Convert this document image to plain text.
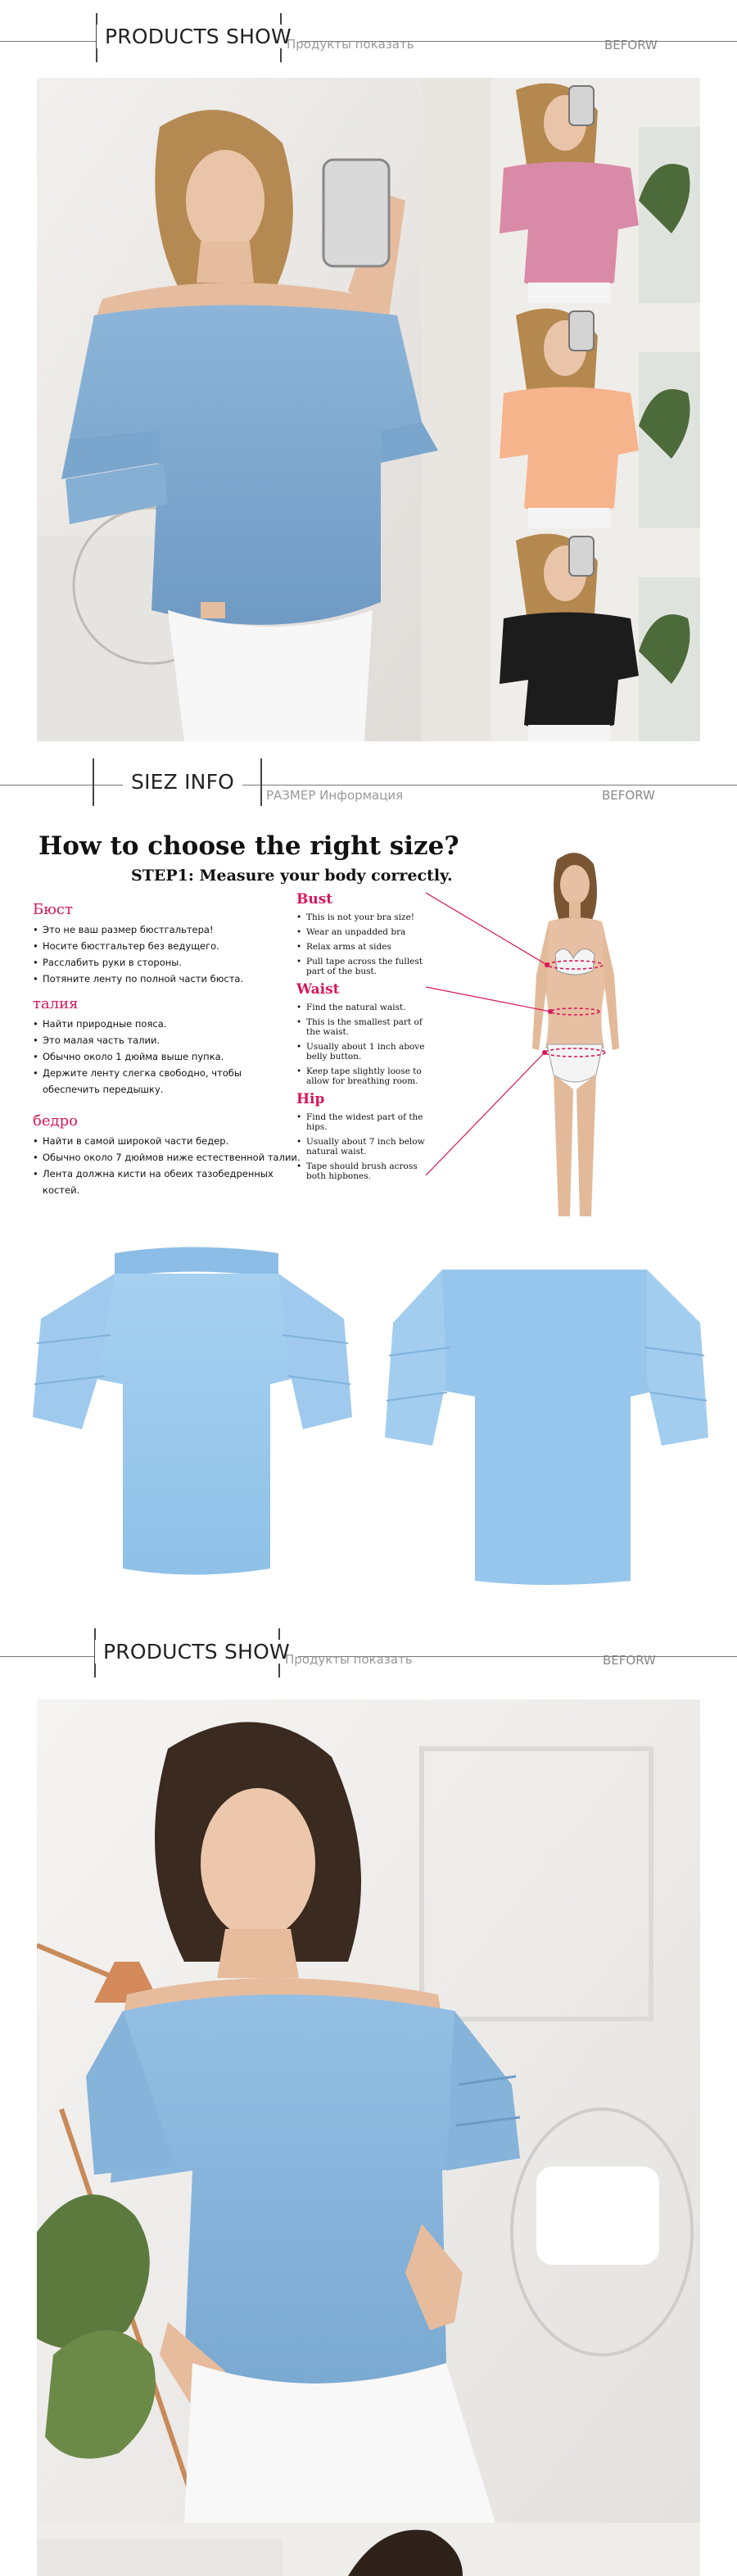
PRODUCTS SHOW
Продукты показать	BEFORW
SIEZ INFO
РАЗМЕР Информация	BEFORW
How to choose the right size?
STEP1: Measure your body correctly.
Бюст
• Это не ваш размер бюстгальтера!
• Носите бюстгальтер без ведущего.
• Расслабить руки в стороны.
• Потяните ленту по полной части бюста.
талия
• Найти природные пояса.
• Это малая часть талии.
• Обычно около 1 дюйма выше пупка.
• Держите ленту слегка свободно, чтобы обеспечить передышку.
бедро
• Найти в самой широкой части бедер.
• Обычно около 7 дюймов ниже естественной талии.
• Лента должна кисти на обеих тазобедренных костей.
Bust
• This is not your bra size!
• Wear an unpadded bra
• Relax arms at sides
• Pull tape across the fullest part of the bust.
Waist
• Find the natural waist.
• This is the smallest part of the waist.
• Usually about 1 inch above belly button.
• Keep tape slightly loose to allow for breathing room.
Hip
• Find the widest part of the hips.
• Usually about 7 inch below natural waist.
• Tape should brush across both hipbones.
PRODUCTS SHOW
Продукты показать	BEFORW
